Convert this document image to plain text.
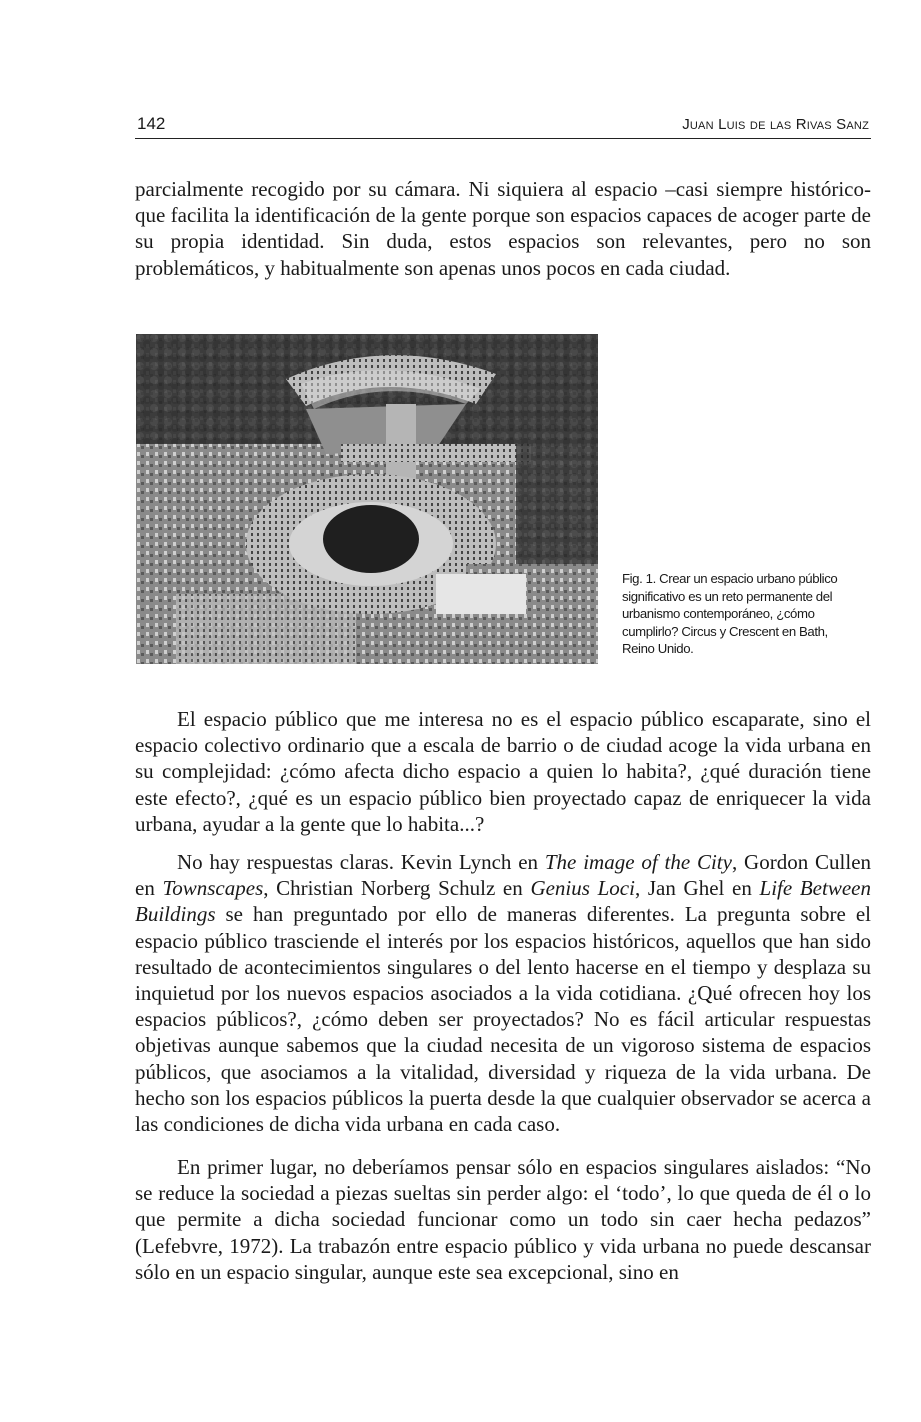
142	Juan Luis de las Rivas Sanz

parcialmente recogido por su cámara. Ni siquiera al espacio –casi siempre histórico- que facilita la identificación de la gente porque son espacios capaces de acoger parte de su propia identidad. Sin duda, estos espacios son relevantes, pero no son problemáticos, y habitualmente son apenas unos pocos en cada ciudad.

Fig. 1. Crear un espacio urbano público significativo es un reto permanente del urbanismo contemporáneo, ¿cómo cumplirlo? Circus y Crescent en Bath, Reino Unido.

El espacio público que me interesa no es el espacio público escaparate, sino el espacio colectivo ordinario que a escala de barrio o de ciudad acoge la vida urbana en su complejidad: ¿cómo afecta dicho espacio a quien lo habita?, ¿qué duración tiene este efecto?, ¿qué es un espacio público bien proyectado capaz de enriquecer la vida urbana, ayudar a la gente que lo habita...?

No hay respuestas claras. Kevin Lynch en The image of the City, Gordon Cullen en Townscapes, Christian Norberg Schulz en Genius Loci, Jan Ghel en Life Between Buildings se han preguntado por ello de maneras diferentes. La pregunta sobre el espacio público trasciende el interés por los espacios históricos, aquellos que han sido resultado de acontecimientos singulares o del lento hacerse en el tiempo y desplaza su inquietud por los nuevos espacios asociados a la vida cotidiana. ¿Qué ofrecen hoy los espacios públicos?, ¿cómo deben ser proyectados? No es fácil articular respuestas objetivas aunque sabemos que la ciudad necesita de un vigoroso sistema de espacios públicos, que asociamos a la vitalidad, diversidad y riqueza de la vida urbana. De hecho son los espacios públicos la puerta desde la que cualquier observador se acerca a las condiciones de dicha vida urbana en cada caso.

En primer lugar, no deberíamos pensar sólo en espacios singulares aislados: “No se reduce la sociedad a piezas sueltas sin perder algo: el ‘todo’, lo que queda de él o lo que permite a dicha sociedad funcionar como un todo sin caer hecha pedazos” (Lefebvre, 1972). La trabazón entre espacio público y vida urbana no puede descansar sólo en un espacio singular, aunque este sea excepcional, sino en
